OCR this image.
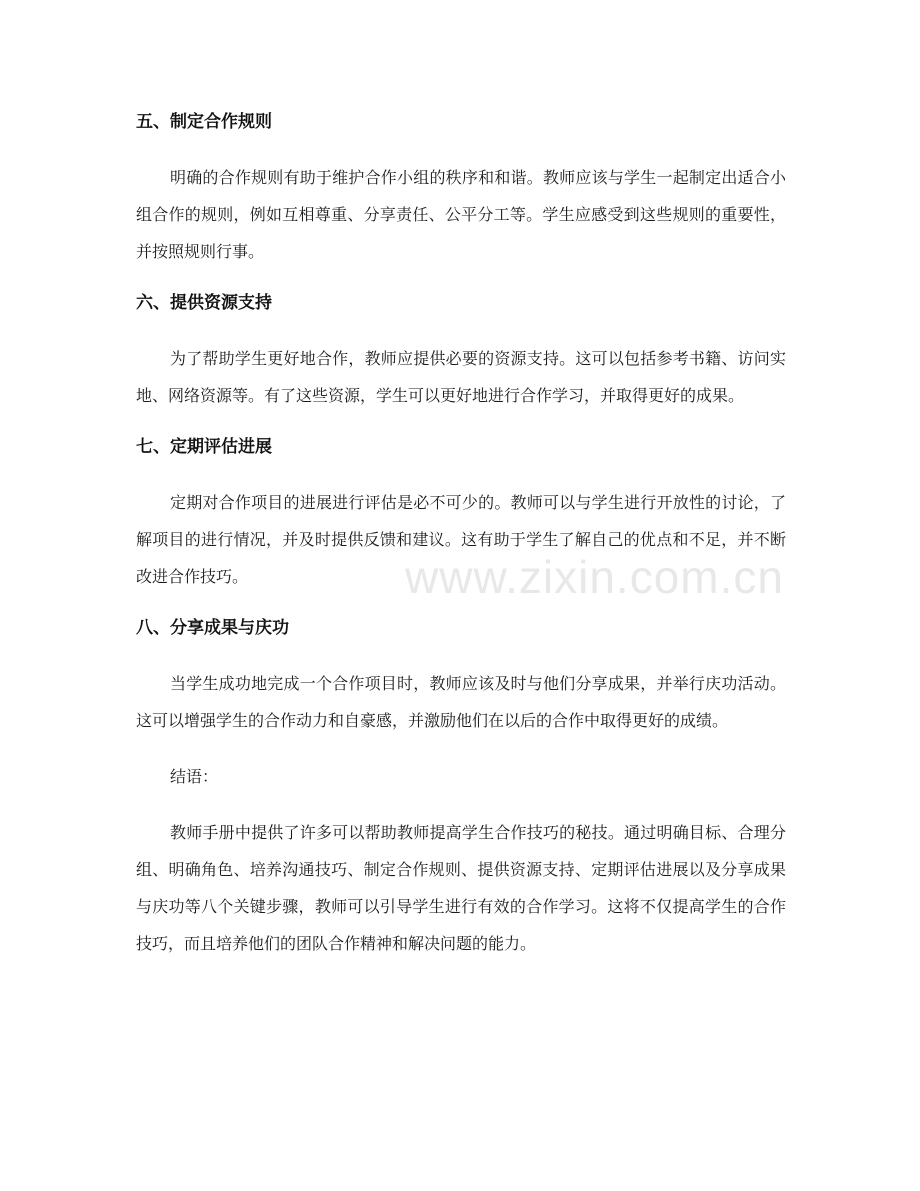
五、制定合作规则

明确的合作规则有助于维护合作小组的秩序和和谐。教师应该与学生一起制定出适合小组合作的规则，例如互相尊重、分享责任、公平分工等。学生应感受到这些规则的重要性，并按照规则行事。

六、提供资源支持

为了帮助学生更好地合作，教师应提供必要的资源支持。这可以包括参考书籍、访问实地、网络资源等。有了这些资源，学生可以更好地进行合作学习，并取得更好的成果。

七、定期评估进展

定期对合作项目的进展进行评估是必不可少的。教师可以与学生进行开放性的讨论，了解项目的进行情况，并及时提供反馈和建议。这有助于学生了解自己的优点和不足，并不断改进合作技巧。

八、分享成果与庆功

当学生成功地完成一个合作项目时，教师应该及时与他们分享成果，并举行庆功活动。这可以增强学生的合作动力和自豪感，并激励他们在以后的合作中取得更好的成绩。

结语：

教师手册中提供了许多可以帮助教师提高学生合作技巧的秘技。通过明确目标、合理分组、明确角色、培养沟通技巧、制定合作规则、提供资源支持、定期评估进展以及分享成果与庆功等八个关键步骤，教师可以引导学生进行有效的合作学习。这将不仅提高学生的合作技巧，而且培养他们的团队合作精神和解决问题的能力。

www.zixin.com.cn
